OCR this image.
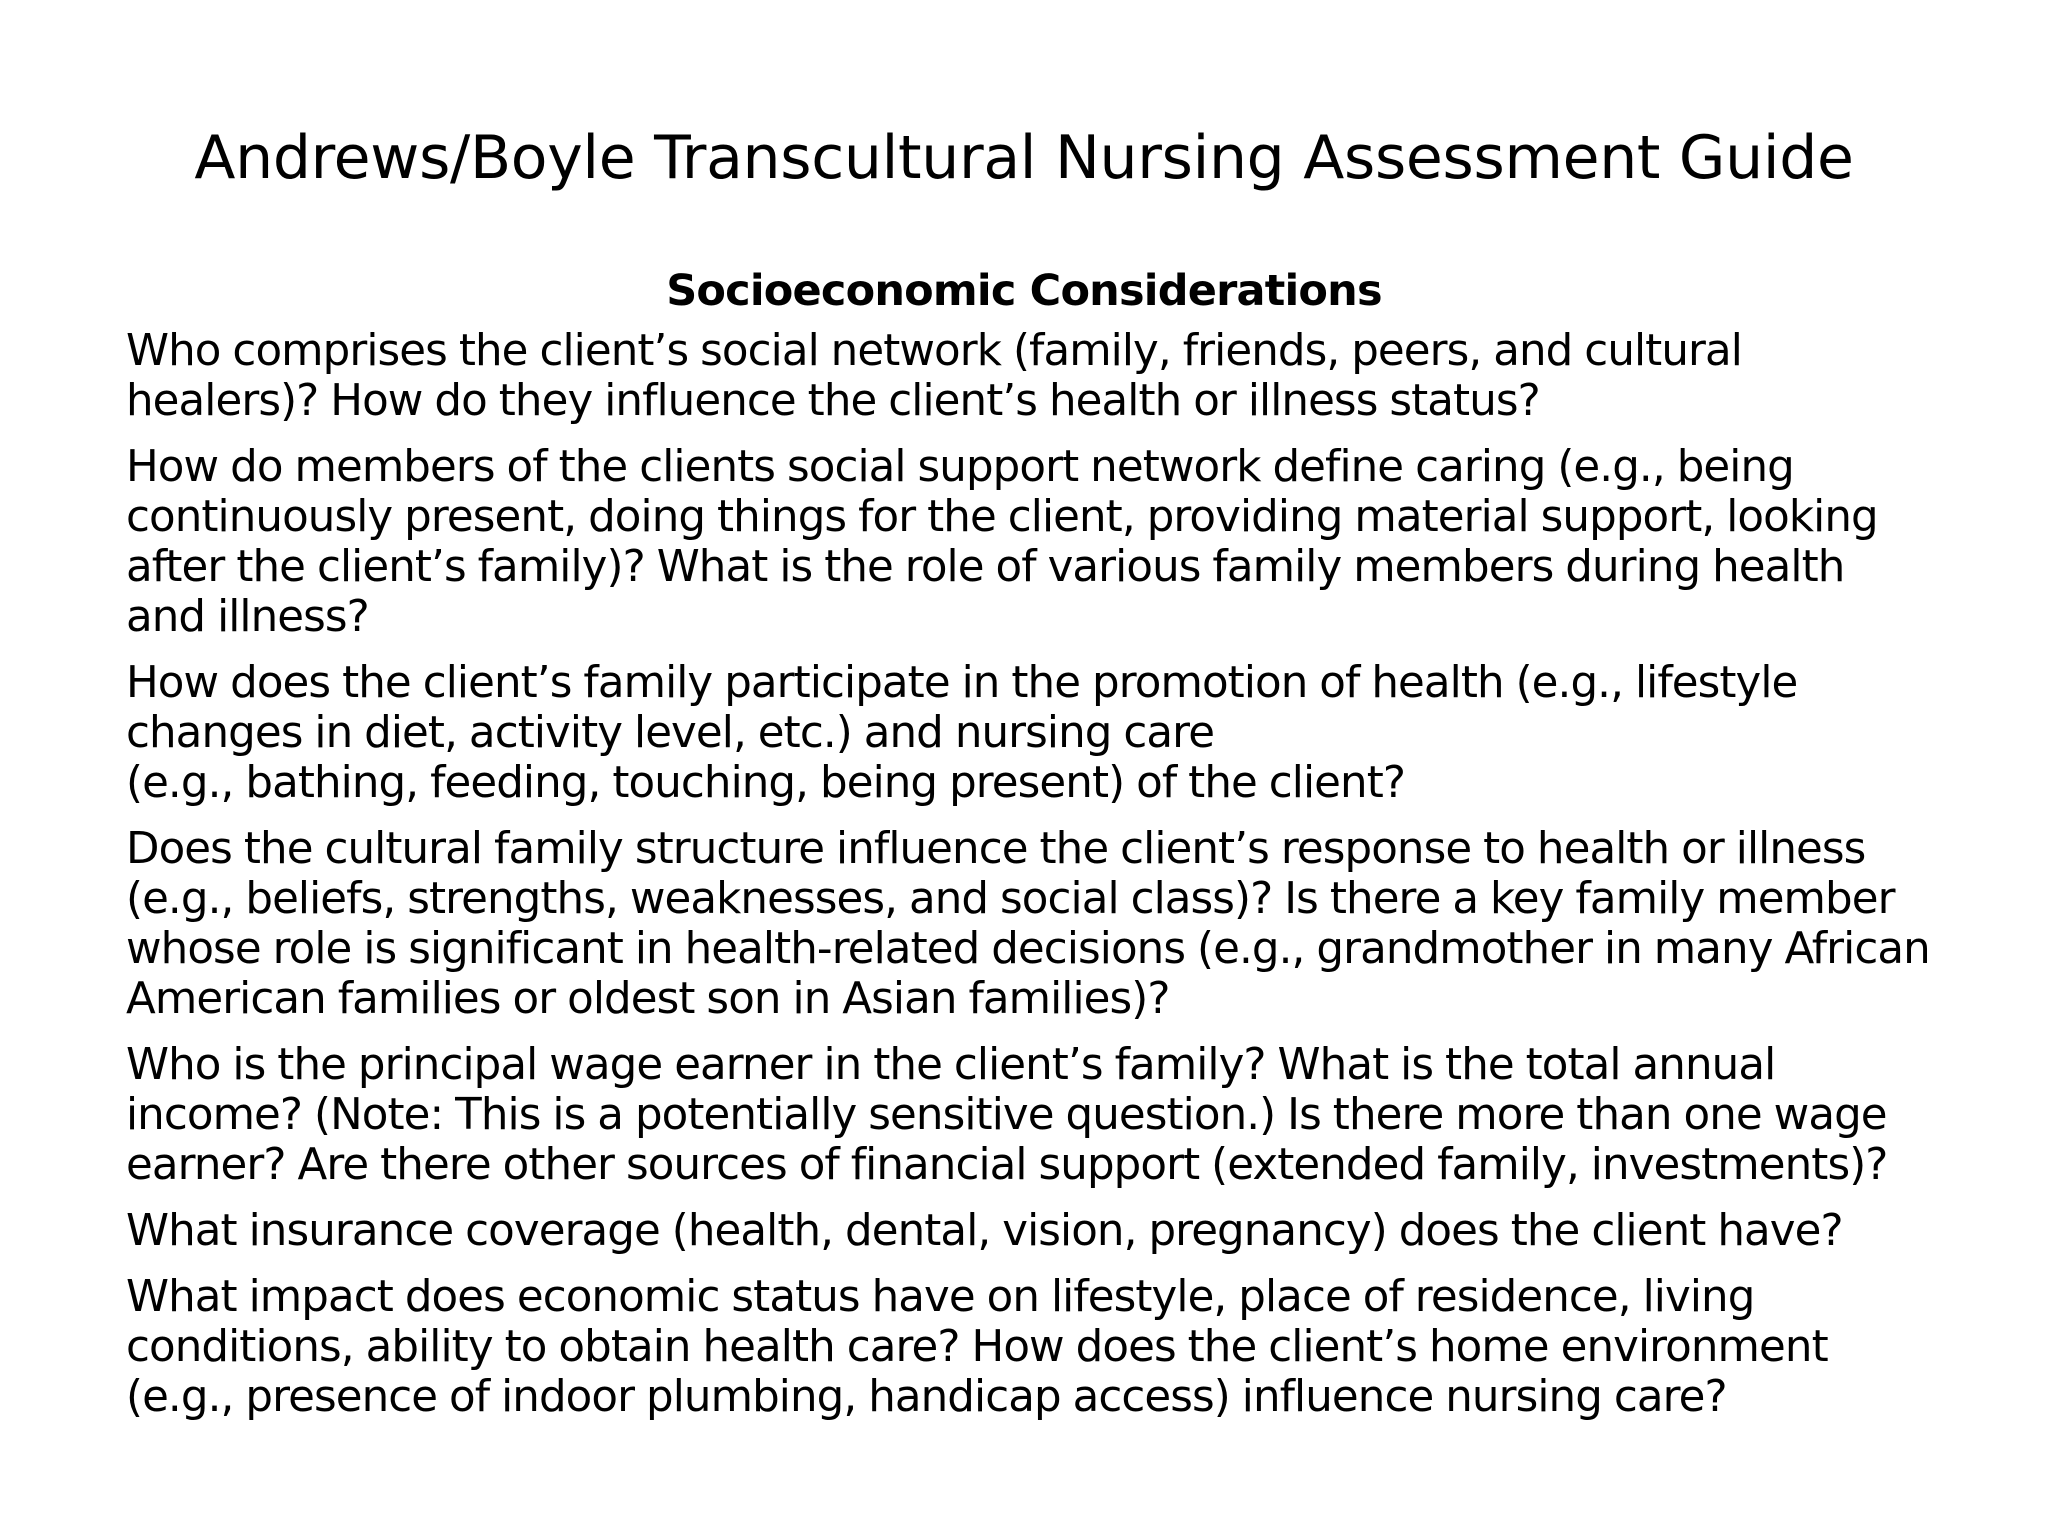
Andrews/Boyle Transcultural Nursing Assessment Guide
Socioeconomic Considerations

Who comprises the client’s social network (family, friends, peers, and cultural
healers)? How do they influence the client’s health or illness status?

How do members of the clients social support network define caring (e.g., being
continuously present, doing things for the client, providing material support, looking
after the client’s family)? What is the role of various family members during health
and illness?

How does the client’s family participate in the promotion of health (e.g., lifestyle
changes in diet, activity level, etc.) and nursing care
(e.g., bathing, feeding, touching, being present) of the client?

Does the cultural family structure influence the client’s response to health or illness
(e.g., beliefs, strengths, weaknesses, and social class)? Is there a key family member
whose role is significant in health-related decisions (e.g., grandmother in many African
American families or oldest son in Asian families)?

Who is the principal wage earner in the client’s family? What is the total annual
income? (Note: This is a potentially sensitive question.) Is there more than one wage
earner? Are there other sources of financial support (extended family, investments)?

What insurance coverage (health, dental, vision, pregnancy) does the client have?

What impact does economic status have on lifestyle, place of residence, living
conditions, ability to obtain health care? How does the client’s home environment
(e.g., presence of indoor plumbing, handicap access) influence nursing care?
